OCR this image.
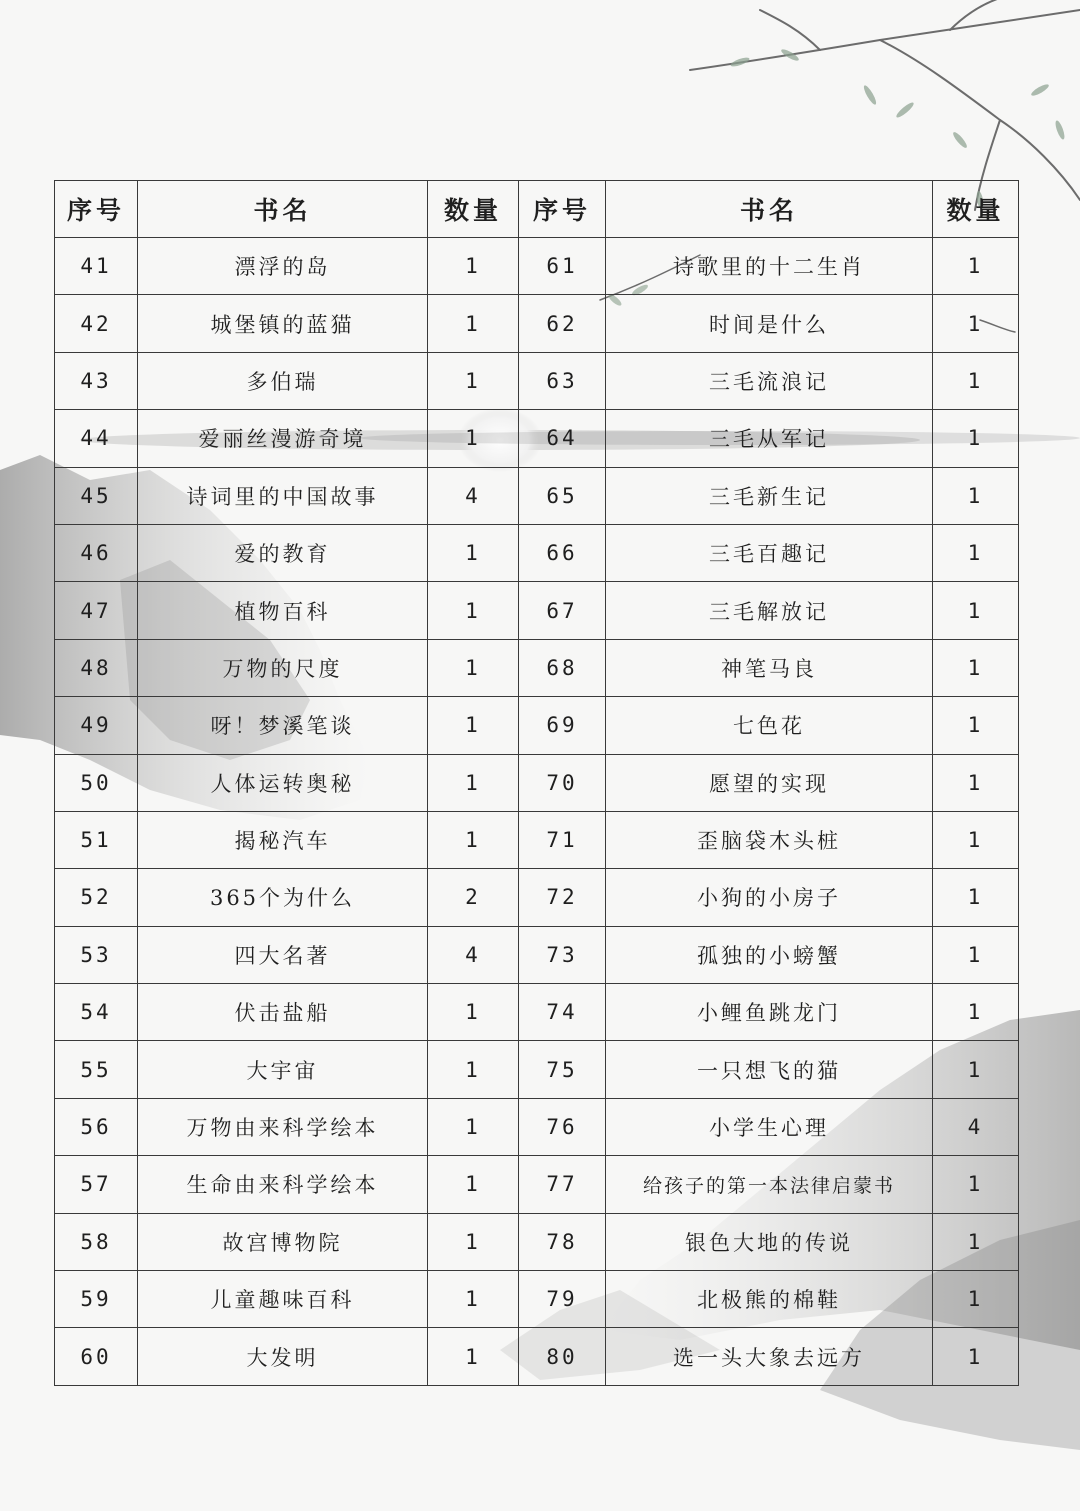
序号	书名	数量	序号	书名	数量
41	漂浮的岛	1	61	诗歌里的十二生肖	1
42	城堡镇的蓝猫	1	62	时间是什么	1
43	多伯瑞	1	63	三毛流浪记	1
44	爱丽丝漫游奇境	1	64	三毛从军记	1
45	诗词里的中国故事	4	65	三毛新生记	1
46	爱的教育	1	66	三毛百趣记	1
47	植物百科	1	67	三毛解放记	1
48	万物的尺度	1	68	神笔马良	1
49	呀！梦溪笔谈	1	69	七色花	1
50	人体运转奥秘	1	70	愿望的实现	1
51	揭秘汽车	1	71	歪脑袋木头桩	1
52	365个为什么	2	72	小狗的小房子	1
53	四大名著	4	73	孤独的小螃蟹	1
54	伏击盐船	1	74	小鲤鱼跳龙门	1
55	大宇宙	1	75	一只想飞的猫	1
56	万物由来科学绘本	1	76	小学生心理	4
57	生命由来科学绘本	1	77	给孩子的第一本法律启蒙书	1
58	故宫博物院	1	78	银色大地的传说	1
59	儿童趣味百科	1	79	北极熊的棉鞋	1
60	大发明	1	80	选一头大象去远方	1
